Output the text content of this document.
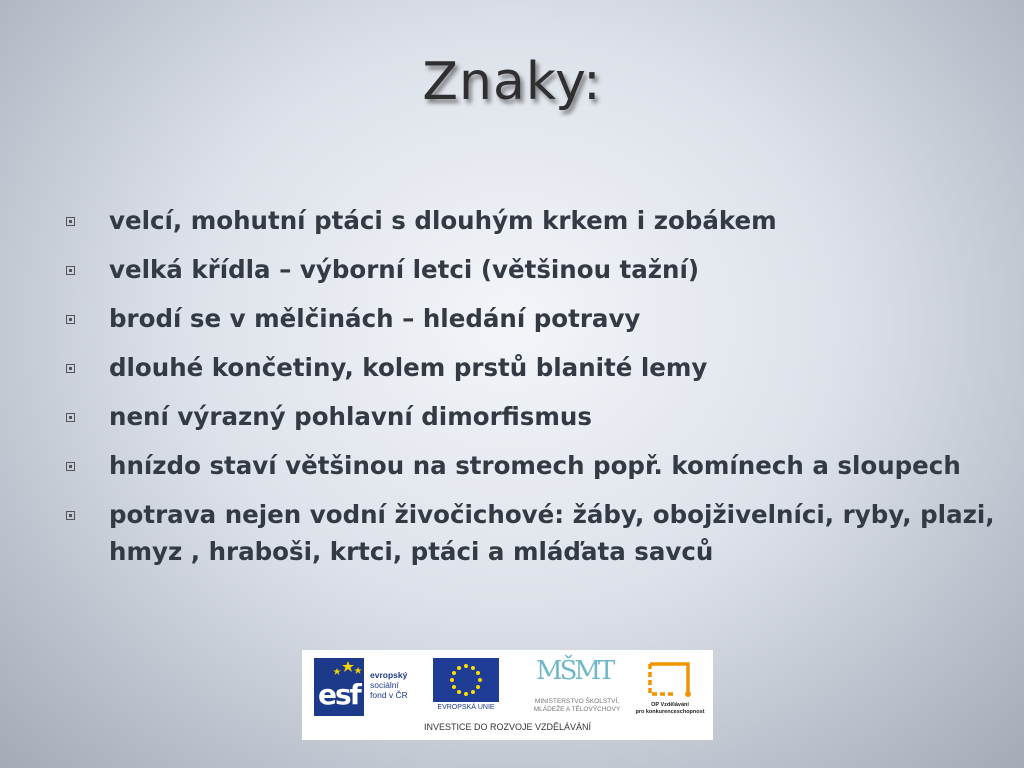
Znaky:
velcí, mohutní ptáci s dlouhým krkem i zobákem
velká křídla – výborní letci (většinou tažní)
brodí se v mělčinách – hledání potravy
dlouhé končetiny, kolem prstů blanité lemy
není výrazný pohlavní dimorfismus
hnízdo staví většinou na stromech popř. komínech a sloupech
potrava nejen vodní živočichové: žáby, obojživelníci, ryby, plazi, hmyz , hraboši, krtci, ptáci a mláďata savců
esf
evropský
sociální
fond v ČR
EVROPSKÁ UNIE
MŠMT
MINISTERSTVO ŠKOLSTVÍ,
MLÁDEŽE A TĚLOVÝCHOVY
OP Vzdělávání
pro konkurenceschopnost
INVESTICE DO ROZVOJE VZDĚLÁVÁNÍ
